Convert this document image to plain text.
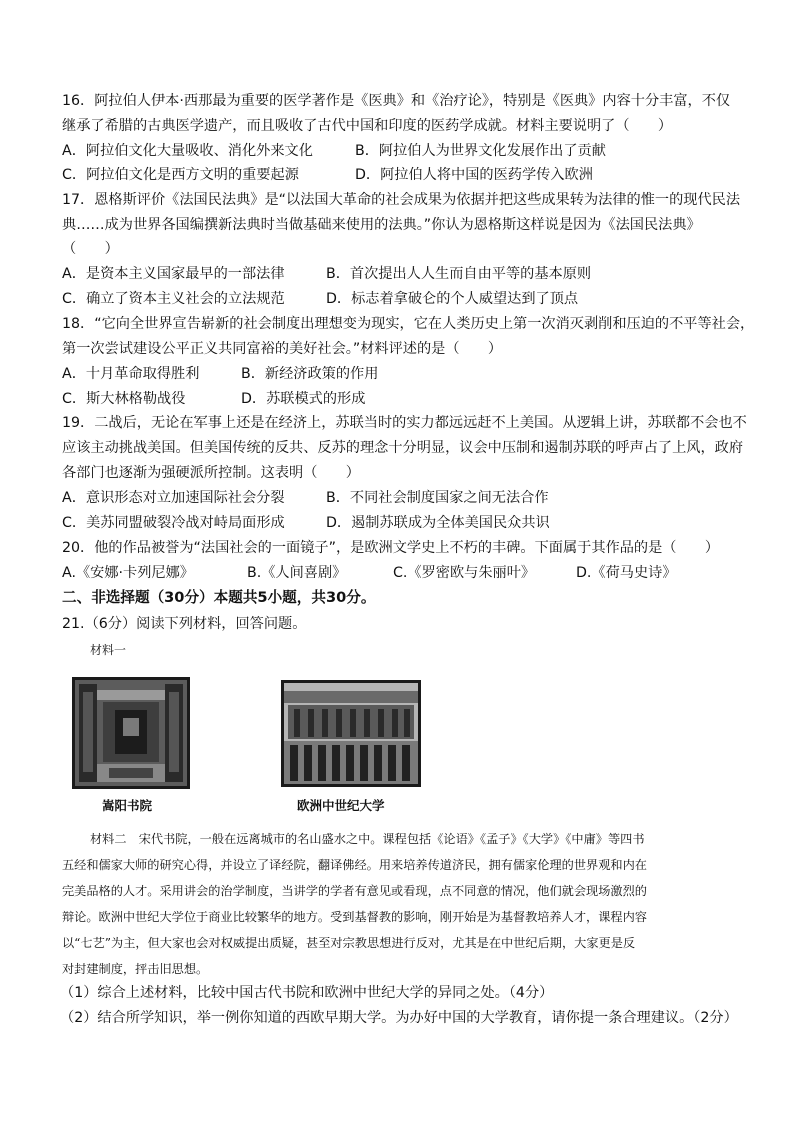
16．阿拉伯人伊本·西那最为重要的医学著作是《医典》和《治疗论》，特别是《医典》内容十分丰富，不仅
继承了希腊的古典医学遗产，而且吸收了古代中国和印度的医药学成就。材料主要说明了（　　）
A．阿拉伯文化大量吸收、消化外来文化	B．阿拉伯人为世界文化发展作出了贡献
C．阿拉伯文化是西方文明的重要起源	D．阿拉伯人将中国的医药学传入欧洲
17．恩格斯评价《法国民法典》是“以法国大革命的社会成果为依据并把这些成果转为法律的惟一的现代民法
典……成为世界各国编撰新法典时当做基础来使用的法典。”你认为恩格斯这样说是因为《法国民法典》
（　　）
A．是资本主义国家最早的一部法律	B．首次提出人人生而自由平等的基本原则
C．确立了资本主义社会的立法规范	D．标志着拿破仑的个人威望达到了顶点
18．“它向全世界宣告崭新的社会制度出理想变为现实，它在人类历史上第一次消灭剥削和压迫的不平等社会，
第一次尝试建设公平正义共同富裕的美好社会。”材料评述的是（　　）
A．十月革命取得胜利	B．新经济政策的作用
C．斯大林格勒战役	D．苏联模式的形成
19．二战后，无论在军事上还是在经济上，苏联当时的实力都远远赶不上美国。从逻辑上讲，苏联都不会也不
应该主动挑战美国。但美国传统的反共、反苏的理念十分明显，议会中压制和遏制苏联的呼声占了上风，政府
各部门也逐渐为强硬派所控制。这表明（　　）
A．意识形态对立加速国际社会分裂	B．不同社会制度国家之间无法合作
C．美苏同盟破裂冷战对峙局面形成	D．遏制苏联成为全体美国民众共识
20．他的作品被誉为“法国社会的一面镜子”，是欧洲文学史上不朽的丰碑。下面属于其作品的是（　　）
A.《安娜·卡列尼娜》	B.《人间喜剧》	C.《罗密欧与朱丽叶》	D.《荷马史诗》
二、非选择题（30分）本题共5小题，共30分。
21.（6分）阅读下列材料，回答问题。
材料一
嵩阳书院	欧洲中世纪大学
材料二　宋代书院，一般在远离城市的名山盛水之中。课程包括《论语》《孟子》《大学》《中庸》等四书
五经和儒家大师的研究心得，并设立了译经院，翻译佛经。用来培养传道济民，拥有儒家伦理的世界观和内在
完美品格的人才。采用讲会的治学制度，当讲学的学者有意见或看现，点不同意的情况，他们就会现场激烈的
辩论。欧洲中世纪大学位于商业比较繁华的地方。受到基督教的影响，刚开始是为基督教培养人才，课程内容
以“七艺”为主，但大家也会对权威提出质疑，甚至对宗教思想进行反对，尤其是在中世纪后期，大家更是反
对封建制度，抨击旧思想。
（1）综合上述材料，比较中国古代书院和欧洲中世纪大学的异同之处。（4分）
（2）结合所学知识，举一例你知道的西欧早期大学。为办好中国的大学教育，请你提一条合理建议。（2分）
